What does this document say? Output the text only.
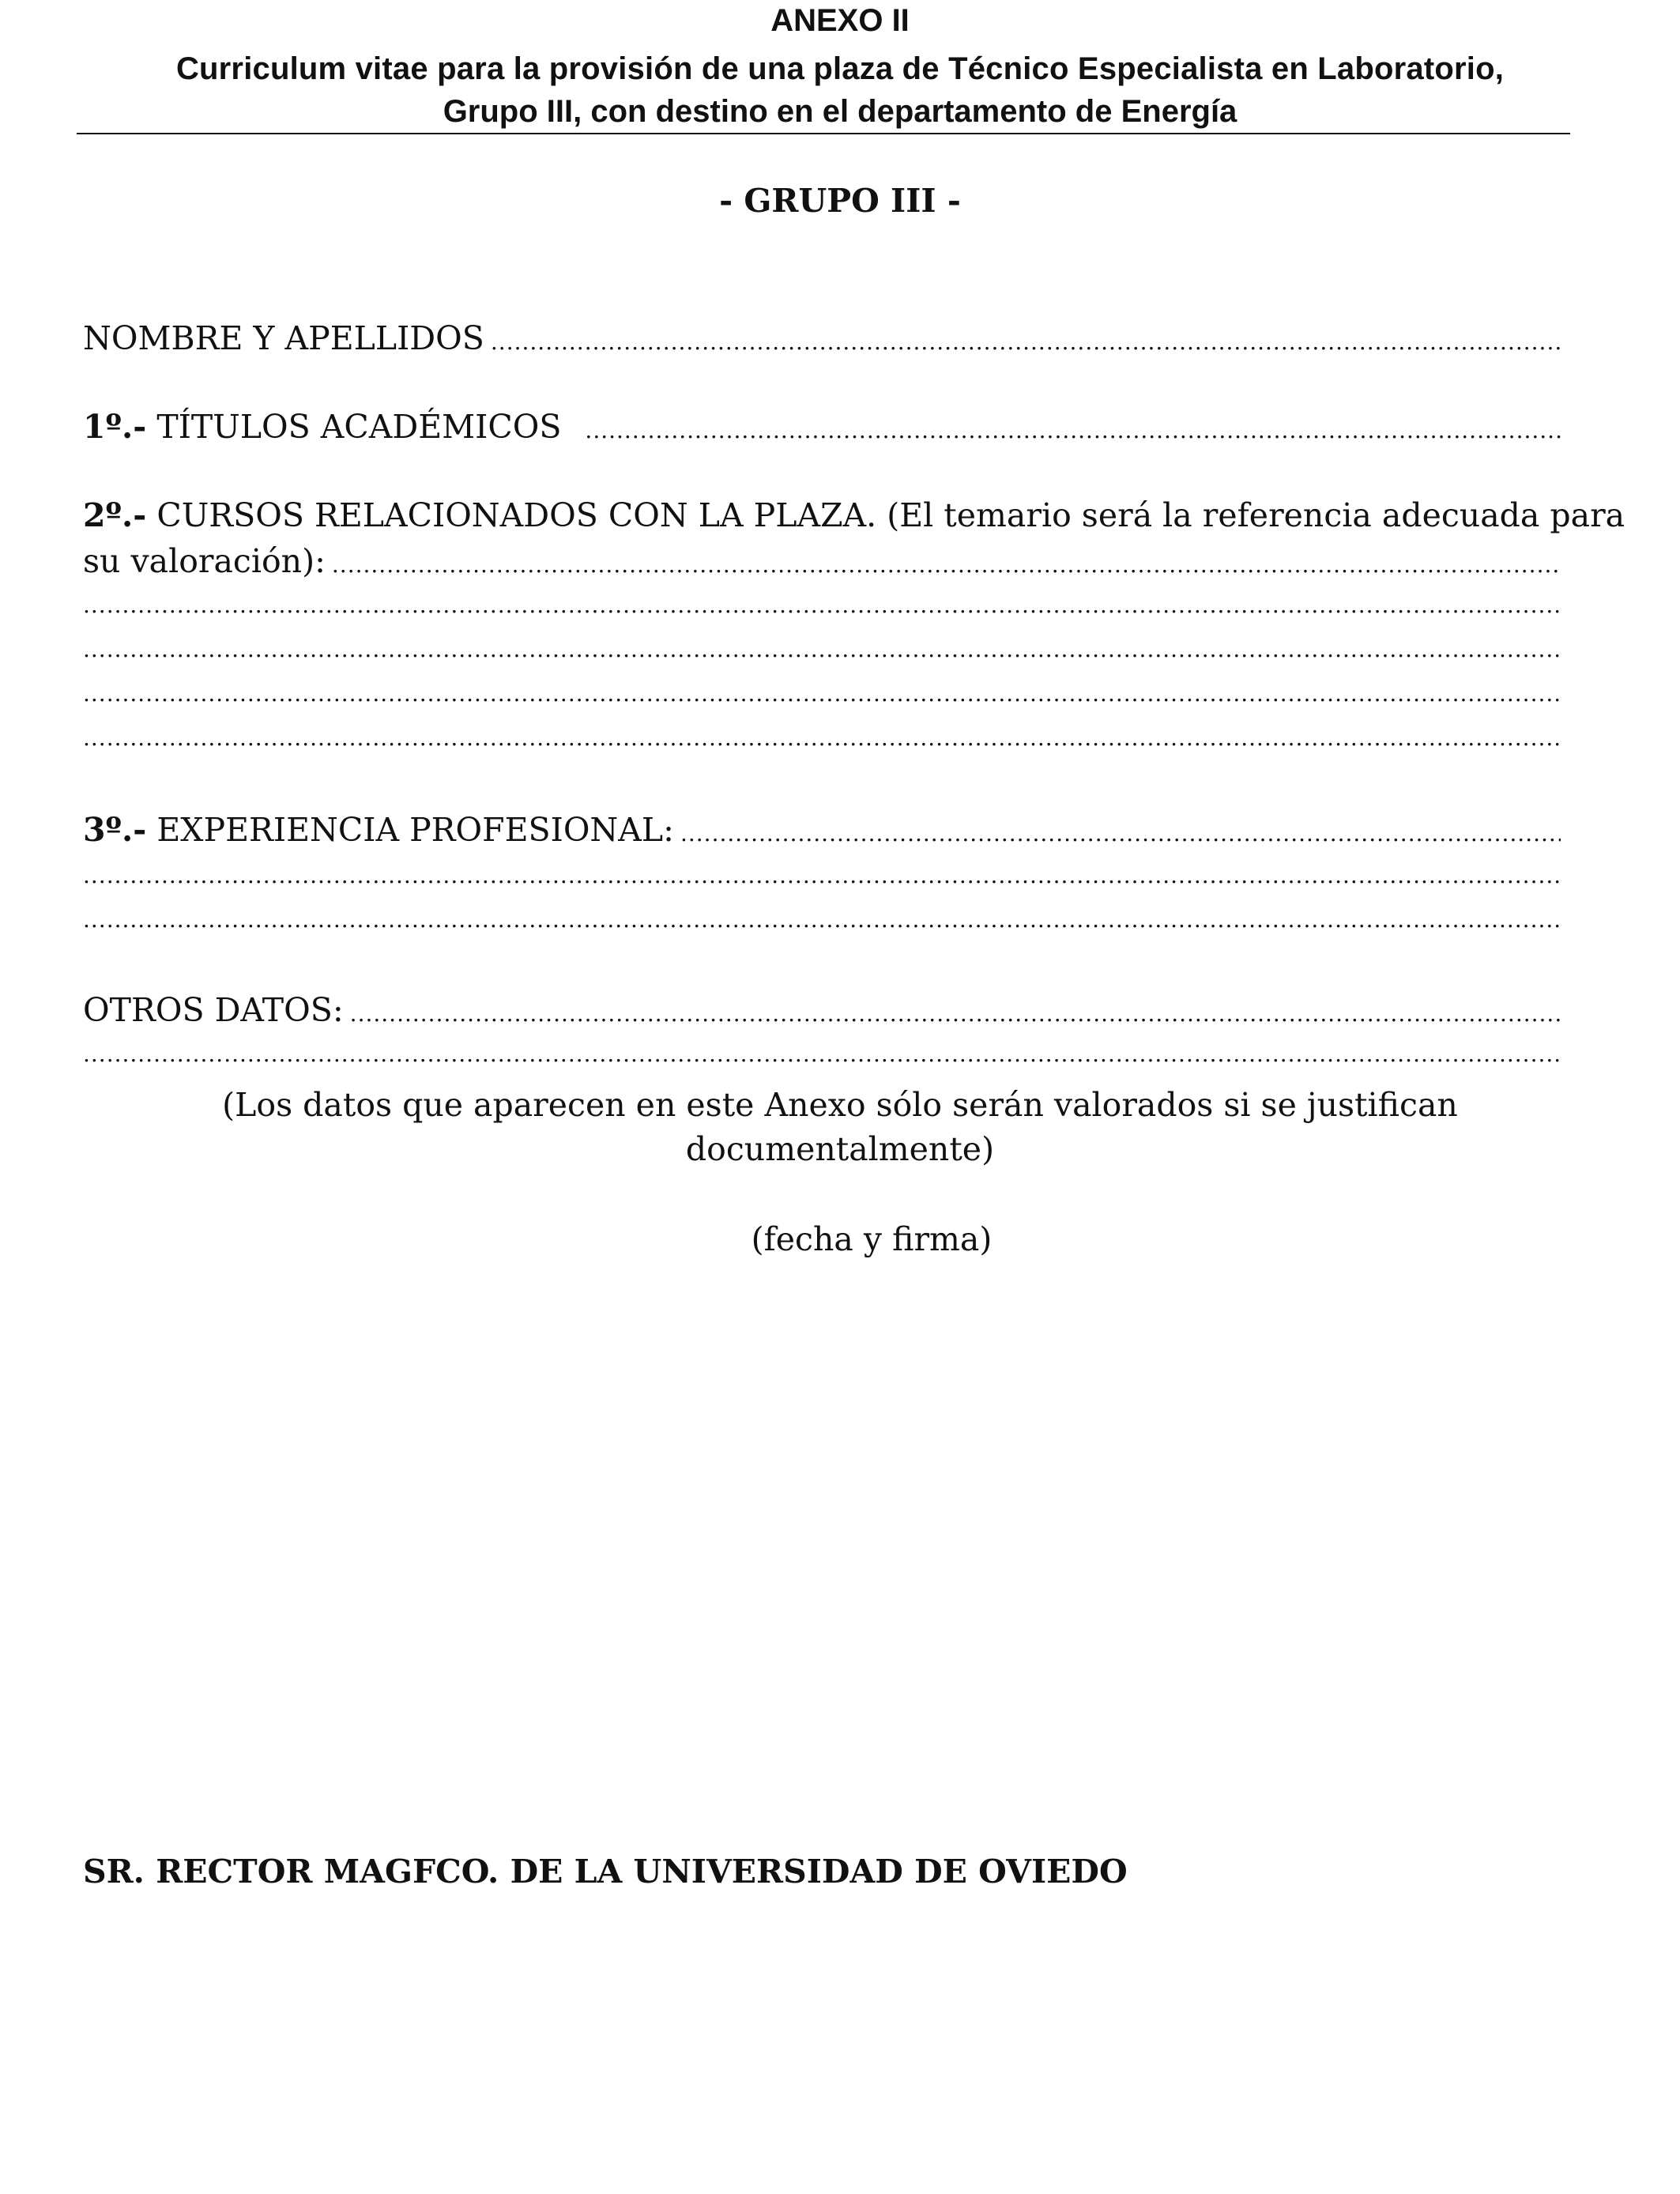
ANEXO II
Curriculum vitae para la provisión de una plaza de Técnico Especialista en Laboratorio,
Grupo III, con destino en el departamento de Energía
- GRUPO III -
NOMBRE Y APELLIDOS
.....
1º.- TÍTULOS ACADÉMICOS
.....
2º.- CURSOS RELACIONADOS CON LA PLAZA. (El temario será la referencia adecuada para
su valoración):
.....
.....
.....
.....
.....
3º.- EXPERIENCIA PROFESIONAL:
.....
.....
.....
OTROS DATOS:
.....
.....
(Los datos que aparecen en este Anexo sólo serán valorados si se justifican
documentalmente)
(fecha y firma)
SR. RECTOR MAGFCO. DE LA UNIVERSIDAD DE OVIEDO
